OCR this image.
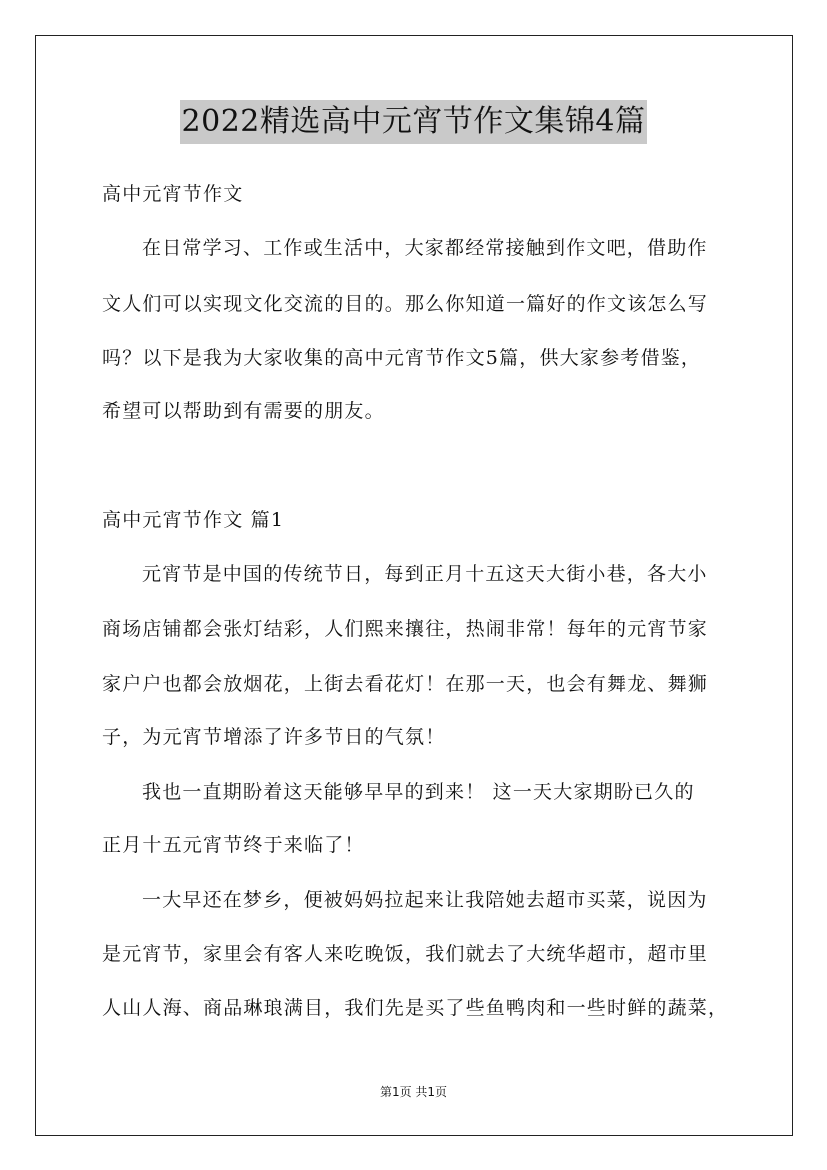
2022精选高中元宵节作文集锦4篇
高中元宵节作文
在日常学习、工作或生活中，大家都经常接触到作文吧，借助作
文人们可以实现文化交流的目的。那么你知道一篇好的作文该怎么写
吗？以下是我为大家收集的高中元宵节作文5篇，供大家参考借鉴，
希望可以帮助到有需要的朋友。
高中元宵节作文 篇1
元宵节是中国的传统节日，每到正月十五这天大街小巷，各大小
商场店铺都会张灯结彩，人们熙来攘往，热闹非常！每年的元宵节家
家户户也都会放烟花，上街去看花灯！在那一天，也会有舞龙、舞狮
子，为元宵节增添了许多节日的气氛！
我也一直期盼着这天能够早早的到来！ 这一天大家期盼已久的
正月十五元宵节终于来临了！
一大早还在梦乡，便被妈妈拉起来让我陪她去超市买菜，说因为
是元宵节，家里会有客人来吃晚饭，我们就去了大统华超市，超市里
人山人海、商品琳琅满目，我们先是买了些鱼鸭肉和一些时鲜的蔬菜，
第1页 共1页
